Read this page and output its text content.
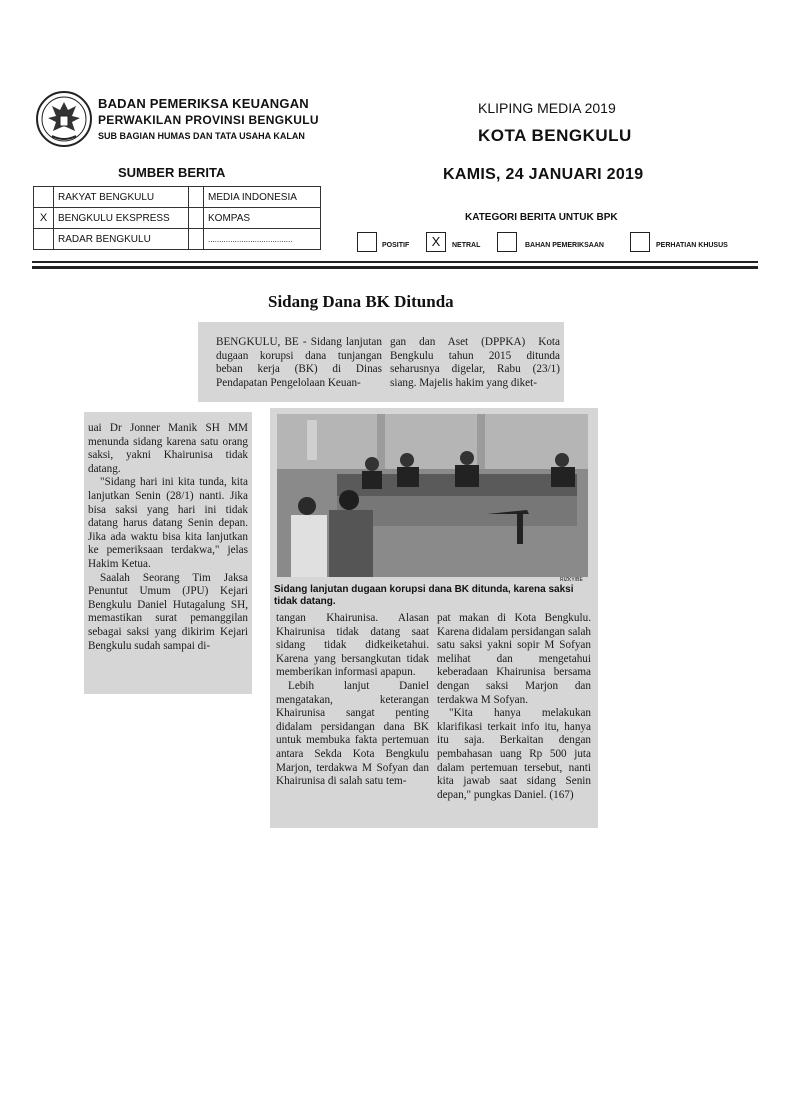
BADAN PEMERIKSA KEUANGAN
PERWAKILAN PROVINSI BENGKULU
SUB BAGIAN HUMAS DAN TATA USAHA KALAN
KLIPING MEDIA 2019
KOTA BENGKULU
SUMBER BERITA	KAMIS, 24 JANUARI 2019
	RAKYAT BENGKULU		MEDIA INDONESIA
X	BENGKULU EKSPRESS		KOMPAS
	RADAR BENGKULU		......................................
KATEGORI BERITA UNTUK BPK
POSITIF	X	NETRAL	BAHAN PEMERIKSAAN	PERHATIAN KHUSUS
Sidang Dana BK Ditunda
BENGKULU, BE - Sidang lanjutan dugaan korupsi dana tunjangan beban kerja (BK) di Dinas Pendapatan Pengelolaan Keuan-
gan dan Aset (DPPKA) Kota Bengkulu tahun 2015 ditunda seharusnya digelar, Rabu (23/1) siang. Majelis hakim yang diket-

uai Dr Jonner Manik SH MM menunda sidang karena satu orang saksi, yakni Khairunisa tidak datang.

"Sidang hari ini kita tunda, kita lanjutkan Senin (28/1) nanti. Jika bisa saksi yang hari ini tidak datang harus datang Senin depan. Jika ada waktu bisa kita lanjutkan ke pemeriksaan terdakwa," jelas Hakim Ketua.

Saalah Seorang Tim Jaksa Penuntut Umum (JPU) Kejari Bengkulu Daniel Hutagalung SH, memastikan surat pemanggilan sebagai saksi yang dikirim Kejari Bengkulu sudah sampai di-

RIZKY/BE
Sidang lanjutan dugaan korupsi dana BK ditunda, karena saksi tidak datang.

tangan Khairunisa. Alasan Khairunisa tidak datang saat sidang tidak didkeiketahui. Karena yang bersangkutan tidak memberikan informasi apapun.

Lebih lanjut Daniel mengatakan, keterangan Khairunisa sangat penting didalam persidangan dana BK untuk membuka fakta pertemuan antara Sekda Kota Bengkulu Marjon, terdakwa M Sofyan dan Khairunisa di salah satu tem-

pat makan di Kota Bengkulu. Karena didalam persidangan salah satu saksi yakni sopir M Sofyan melihat dan mengetahui keberadaan Khairunisa bersama dengan saksi Marjon dan terdakwa M Sofyan.

"Kita hanya melakukan klarifikasi terkait info itu, hanya itu saja. Berkaitan dengan pembahasan uang Rp 500 juta dalam pertemuan tersebut, nanti kita jawab saat sidang Senin depan," pungkas Daniel. (167)
